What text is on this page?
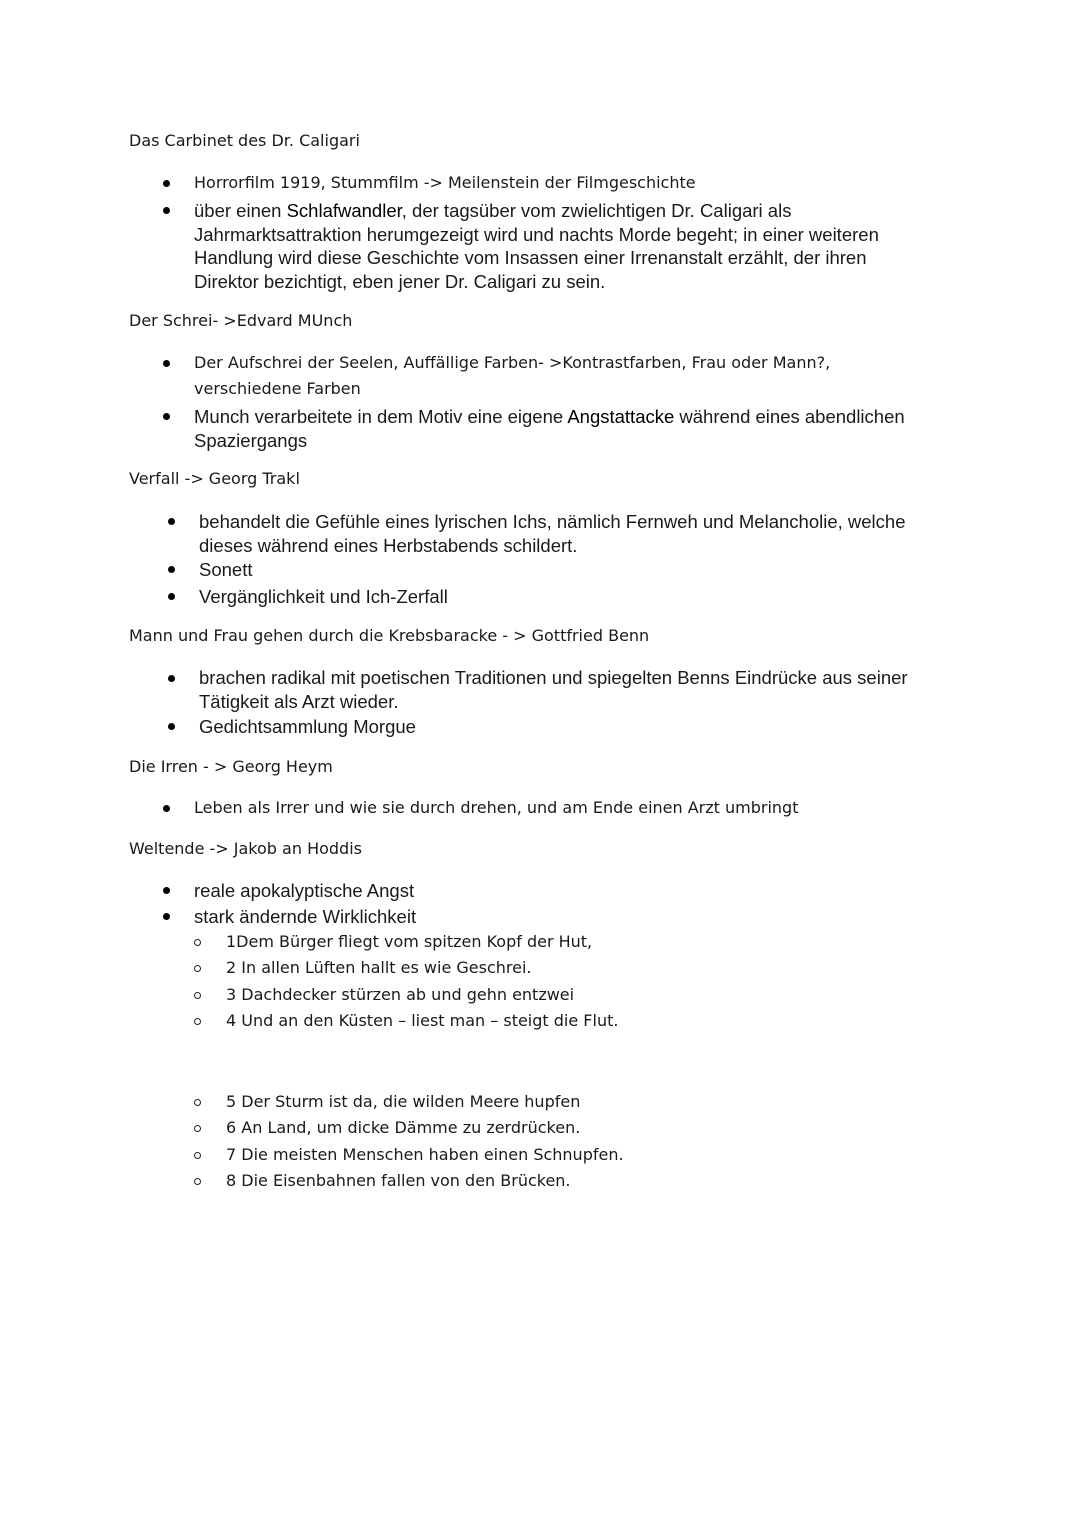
Das Carbinet des Dr. Caligari
Horrorfilm 1919, Stummfilm -> Meilenstein der Filmgeschichte
über einen Schlafwandler, der tagsüber vom zwielichtigen Dr. Caligari als Jahrmarktsattraktion herumgezeigt wird und nachts Morde begeht; in einer weiteren Handlung wird diese Geschichte vom Insassen einer Irrenanstalt erzählt, der ihren Direktor bezichtigt, eben jener Dr. Caligari zu sein.
Der Schrei- >Edvard MUnch
Der Aufschrei der Seelen, Auffällige Farben- >Kontrastfarben, Frau oder Mann?,
verschiedene Farben
Munch verarbeitete in dem Motiv eine eigene Angstattacke während eines abendlichen Spaziergangs
Verfall -> Georg Trakl
behandelt die Gefühle eines lyrischen Ichs, nämlich Fernweh und Melancholie, welche dieses während eines Herbstabends schildert.
Sonett
Vergänglichkeit und Ich-Zerfall
Mann und Frau gehen durch die Krebsbaracke - > Gottfried Benn
brachen radikal mit poetischen Traditionen und spiegelten Benns Eindrücke aus seiner Tätigkeit als Arzt wieder.
Gedichtsammlung Morgue
Die Irren - > Georg Heym
Leben als Irrer und wie sie durch drehen, und am Ende einen Arzt umbringt
Weltende -> Jakob an Hoddis
reale apokalyptische Angst
stark ändernde Wirklichkeit
1Dem Bürger fliegt vom spitzen Kopf der Hut,
2 In allen Lüften hallt es wie Geschrei.
3 Dachdecker stürzen ab und gehn entzwei
4 Und an den Küsten – liest man – steigt die Flut.
5 Der Sturm ist da, die wilden Meere hupfen
6 An Land, um dicke Dämme zu zerdrücken.
7 Die meisten Menschen haben einen Schnupfen.
8 Die Eisenbahnen fallen von den Brücken.
